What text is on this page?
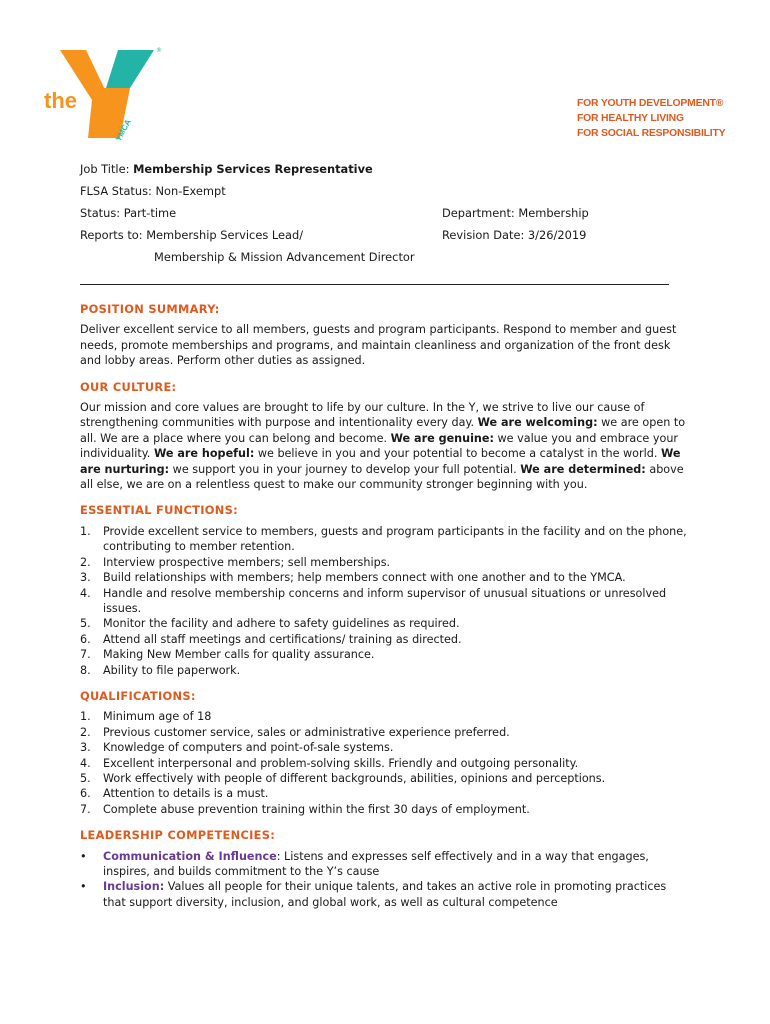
the
YMCA
®
FOR YOUTH DEVELOPMENT®
FOR HEALTHY LIVING
FOR SOCIAL RESPONSIBILITY
Job Title: Membership Services Representative
FLSA Status: Non-Exempt
Status: Part-time	Department: Membership
Reports to: Membership Services Lead/	Revision Date: 3/26/2019
Membership & Mission Advancement Director
POSITION SUMMARY:

Deliver excellent service to all members, guests and program participants. Respond to member and guest needs, promote memberships and programs, and maintain cleanliness and organization of the front desk and lobby areas. Perform other duties as assigned.

OUR CULTURE:

Our mission and core values are brought to life by our culture. In the Y, we strive to live our cause of strengthening communities with purpose and intentionality every day. We are welcoming: we are open to all. We are a place where you can belong and become. We are genuine: we value you and embrace your individuality. We are hopeful: we believe in you and your potential to become a catalyst in the world. We are nurturing: we support you in your journey to develop your full potential. We are determined: above all else, we are on a relentless quest to make our community stronger beginning with you.

ESSENTIAL FUNCTIONS:
1. Provide excellent service to members, guests and program participants in the facility and on the phone, contributing to member retention.
2. Interview prospective members; sell memberships.
3. Build relationships with members; help members connect with one another and to the YMCA.
4. Handle and resolve membership concerns and inform supervisor of unusual situations or unresolved issues.
5. Monitor the facility and adhere to safety guidelines as required.
6. Attend all staff meetings and certifications/ training as directed.
7. Making New Member calls for quality assurance.
8. Ability to file paperwork.
QUALIFICATIONS:
1. Minimum age of 18
2. Previous customer service, sales or administrative experience preferred.
3. Knowledge of computers and point-of-sale systems.
4. Excellent interpersonal and problem-solving skills. Friendly and outgoing personality.
5. Work effectively with people of different backgrounds, abilities, opinions and perceptions.
6. Attention to details is a must.
7. Complete abuse prevention training within the first 30 days of employment.
LEADERSHIP COMPETENCIES:
• Communication & Influence: Listens and expresses self effectively and in a way that engages, inspires, and builds commitment to the Y’s cause
• Inclusion: Values all people for their unique talents, and takes an active role in promoting practices that support diversity, inclusion, and global work, as well as cultural competence
